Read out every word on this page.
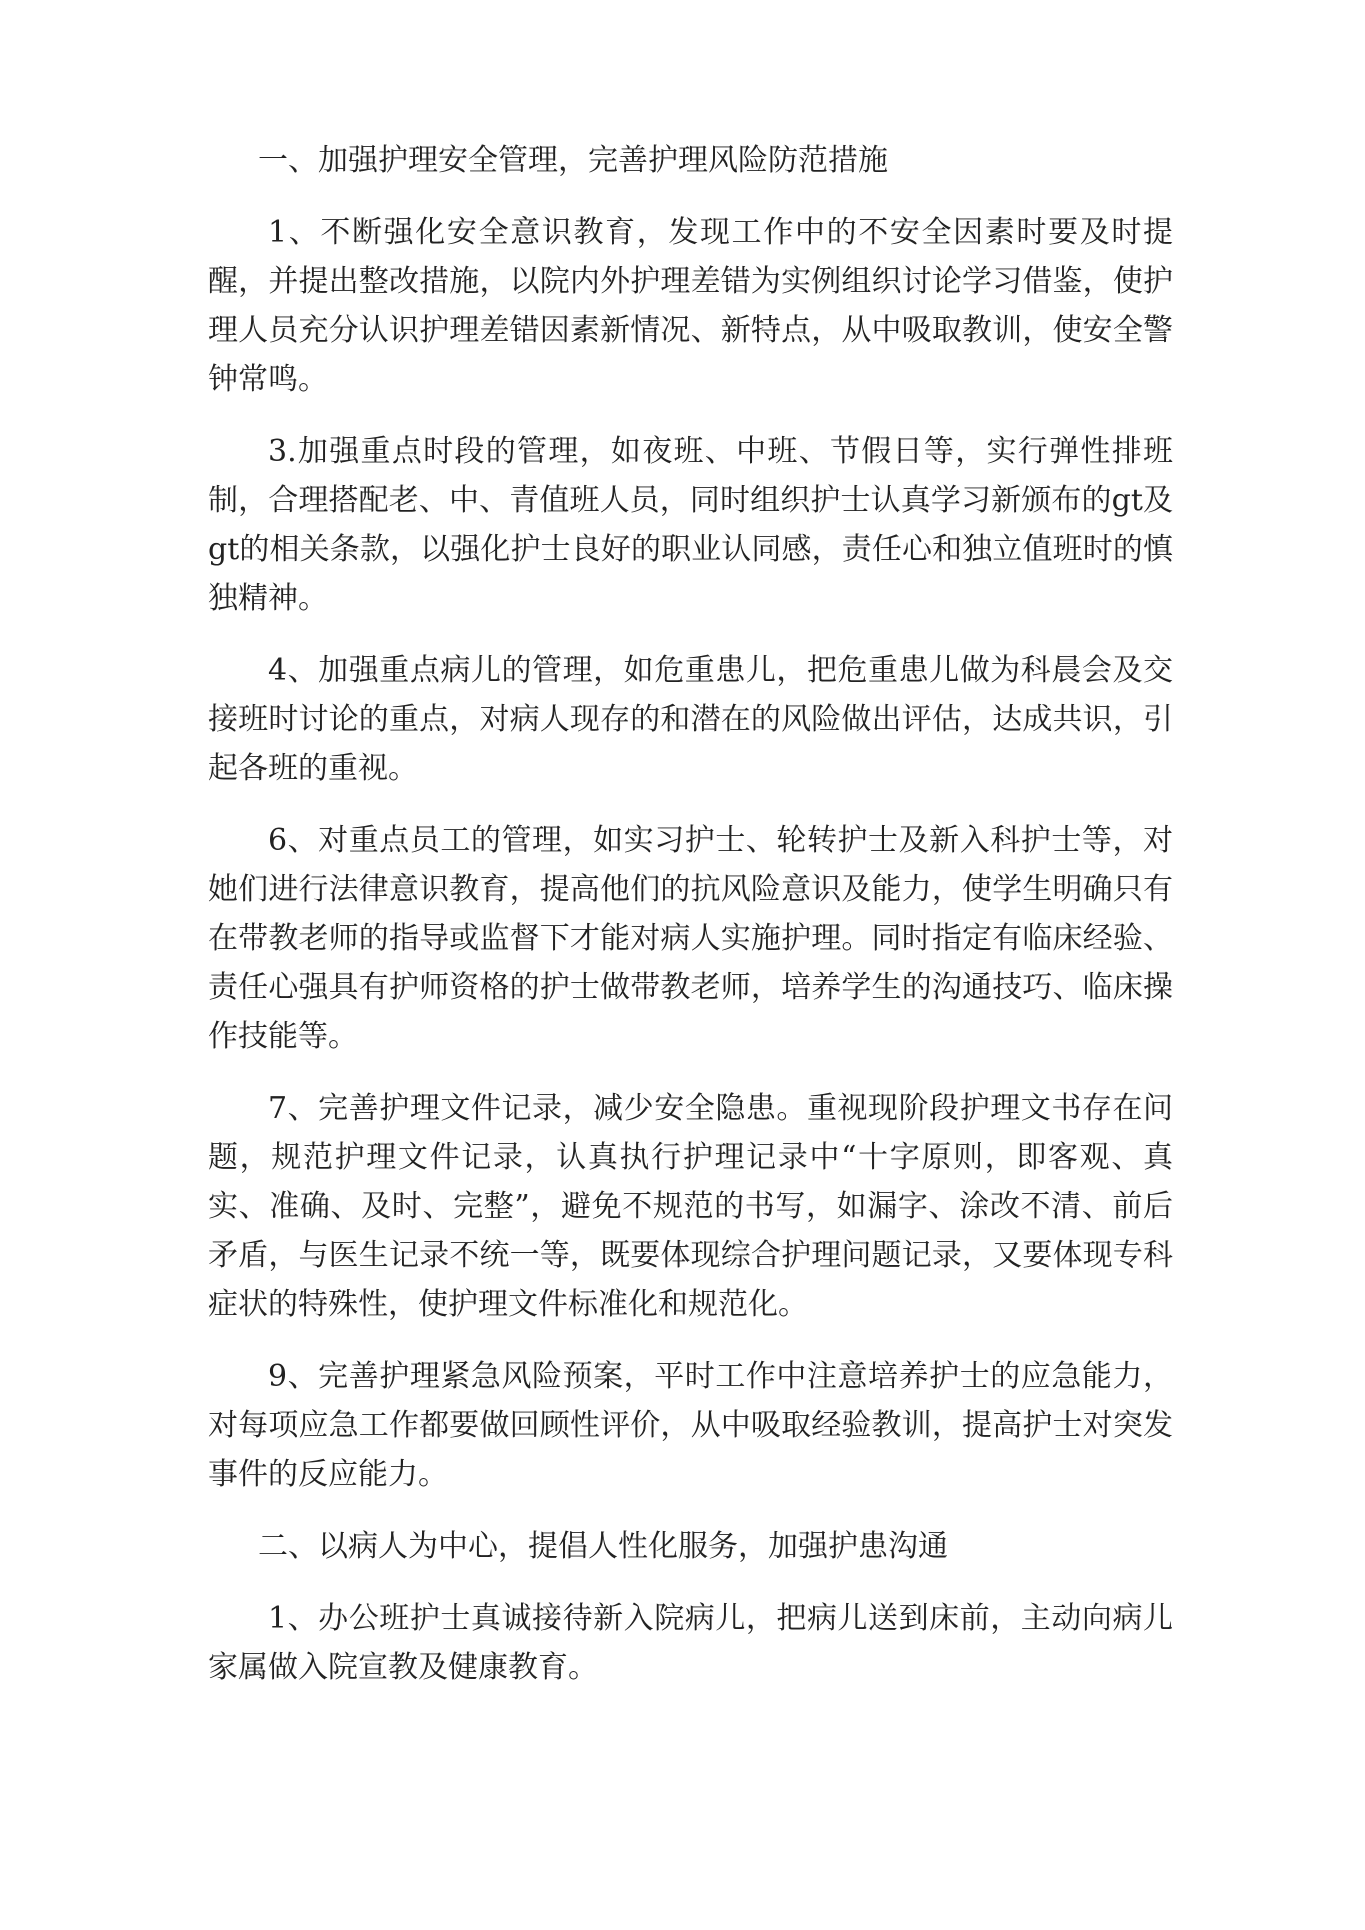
一、加强护理安全管理，完善护理风险防范措施

1、不断强化安全意识教育，发现工作中的不安全因素时要及时提醒，并提出整改措施，以院内外护理差错为实例组织讨论学习借鉴，使护理人员充分认识护理差错因素新情况、新特点，从中吸取教训，使安全警钟常鸣。

3.加强重点时段的管理，如夜班、中班、节假日等，实行弹性排班制，合理搭配老、中、青值班人员，同时组织护士认真学习新颁布的gt及gt的相关条款，以强化护士良好的职业认同感，责任心和独立值班时的慎独精神。

4、加强重点病儿的管理，如危重患儿，把危重患儿做为科晨会及交接班时讨论的重点，对病人现存的和潜在的风险做出评估，达成共识，引起各班的重视。

6、对重点员工的管理，如实习护士、轮转护士及新入科护士等，对她们进行法律意识教育，提高他们的抗风险意识及能力，使学生明确只有在带教老师的指导或监督下才能对病人实施护理。同时指定有临床经验、责任心强具有护师资格的护士做带教老师，培养学生的沟通技巧、临床操作技能等。

7、完善护理文件记录，减少安全隐患。重视现阶段护理文书存在问题，规范护理文件记录，认真执行护理记录中“十字原则，即客观、真实、准确、及时、完整”，避免不规范的书写，如漏字、涂改不清、前后矛盾，与医生记录不统一等，既要体现综合护理问题记录，又要体现专科症状的特殊性，使护理文件标准化和规范化。

9、完善护理紧急风险预案，平时工作中注意培养护士的应急能力，对每项应急工作都要做回顾性评价，从中吸取经验教训，提高护士对突发事件的反应能力。

二、以病人为中心，提倡人性化服务，加强护患沟通

1、办公班护士真诚接待新入院病儿，把病儿送到床前，主动向病儿家属做入院宣教及健康教育。
